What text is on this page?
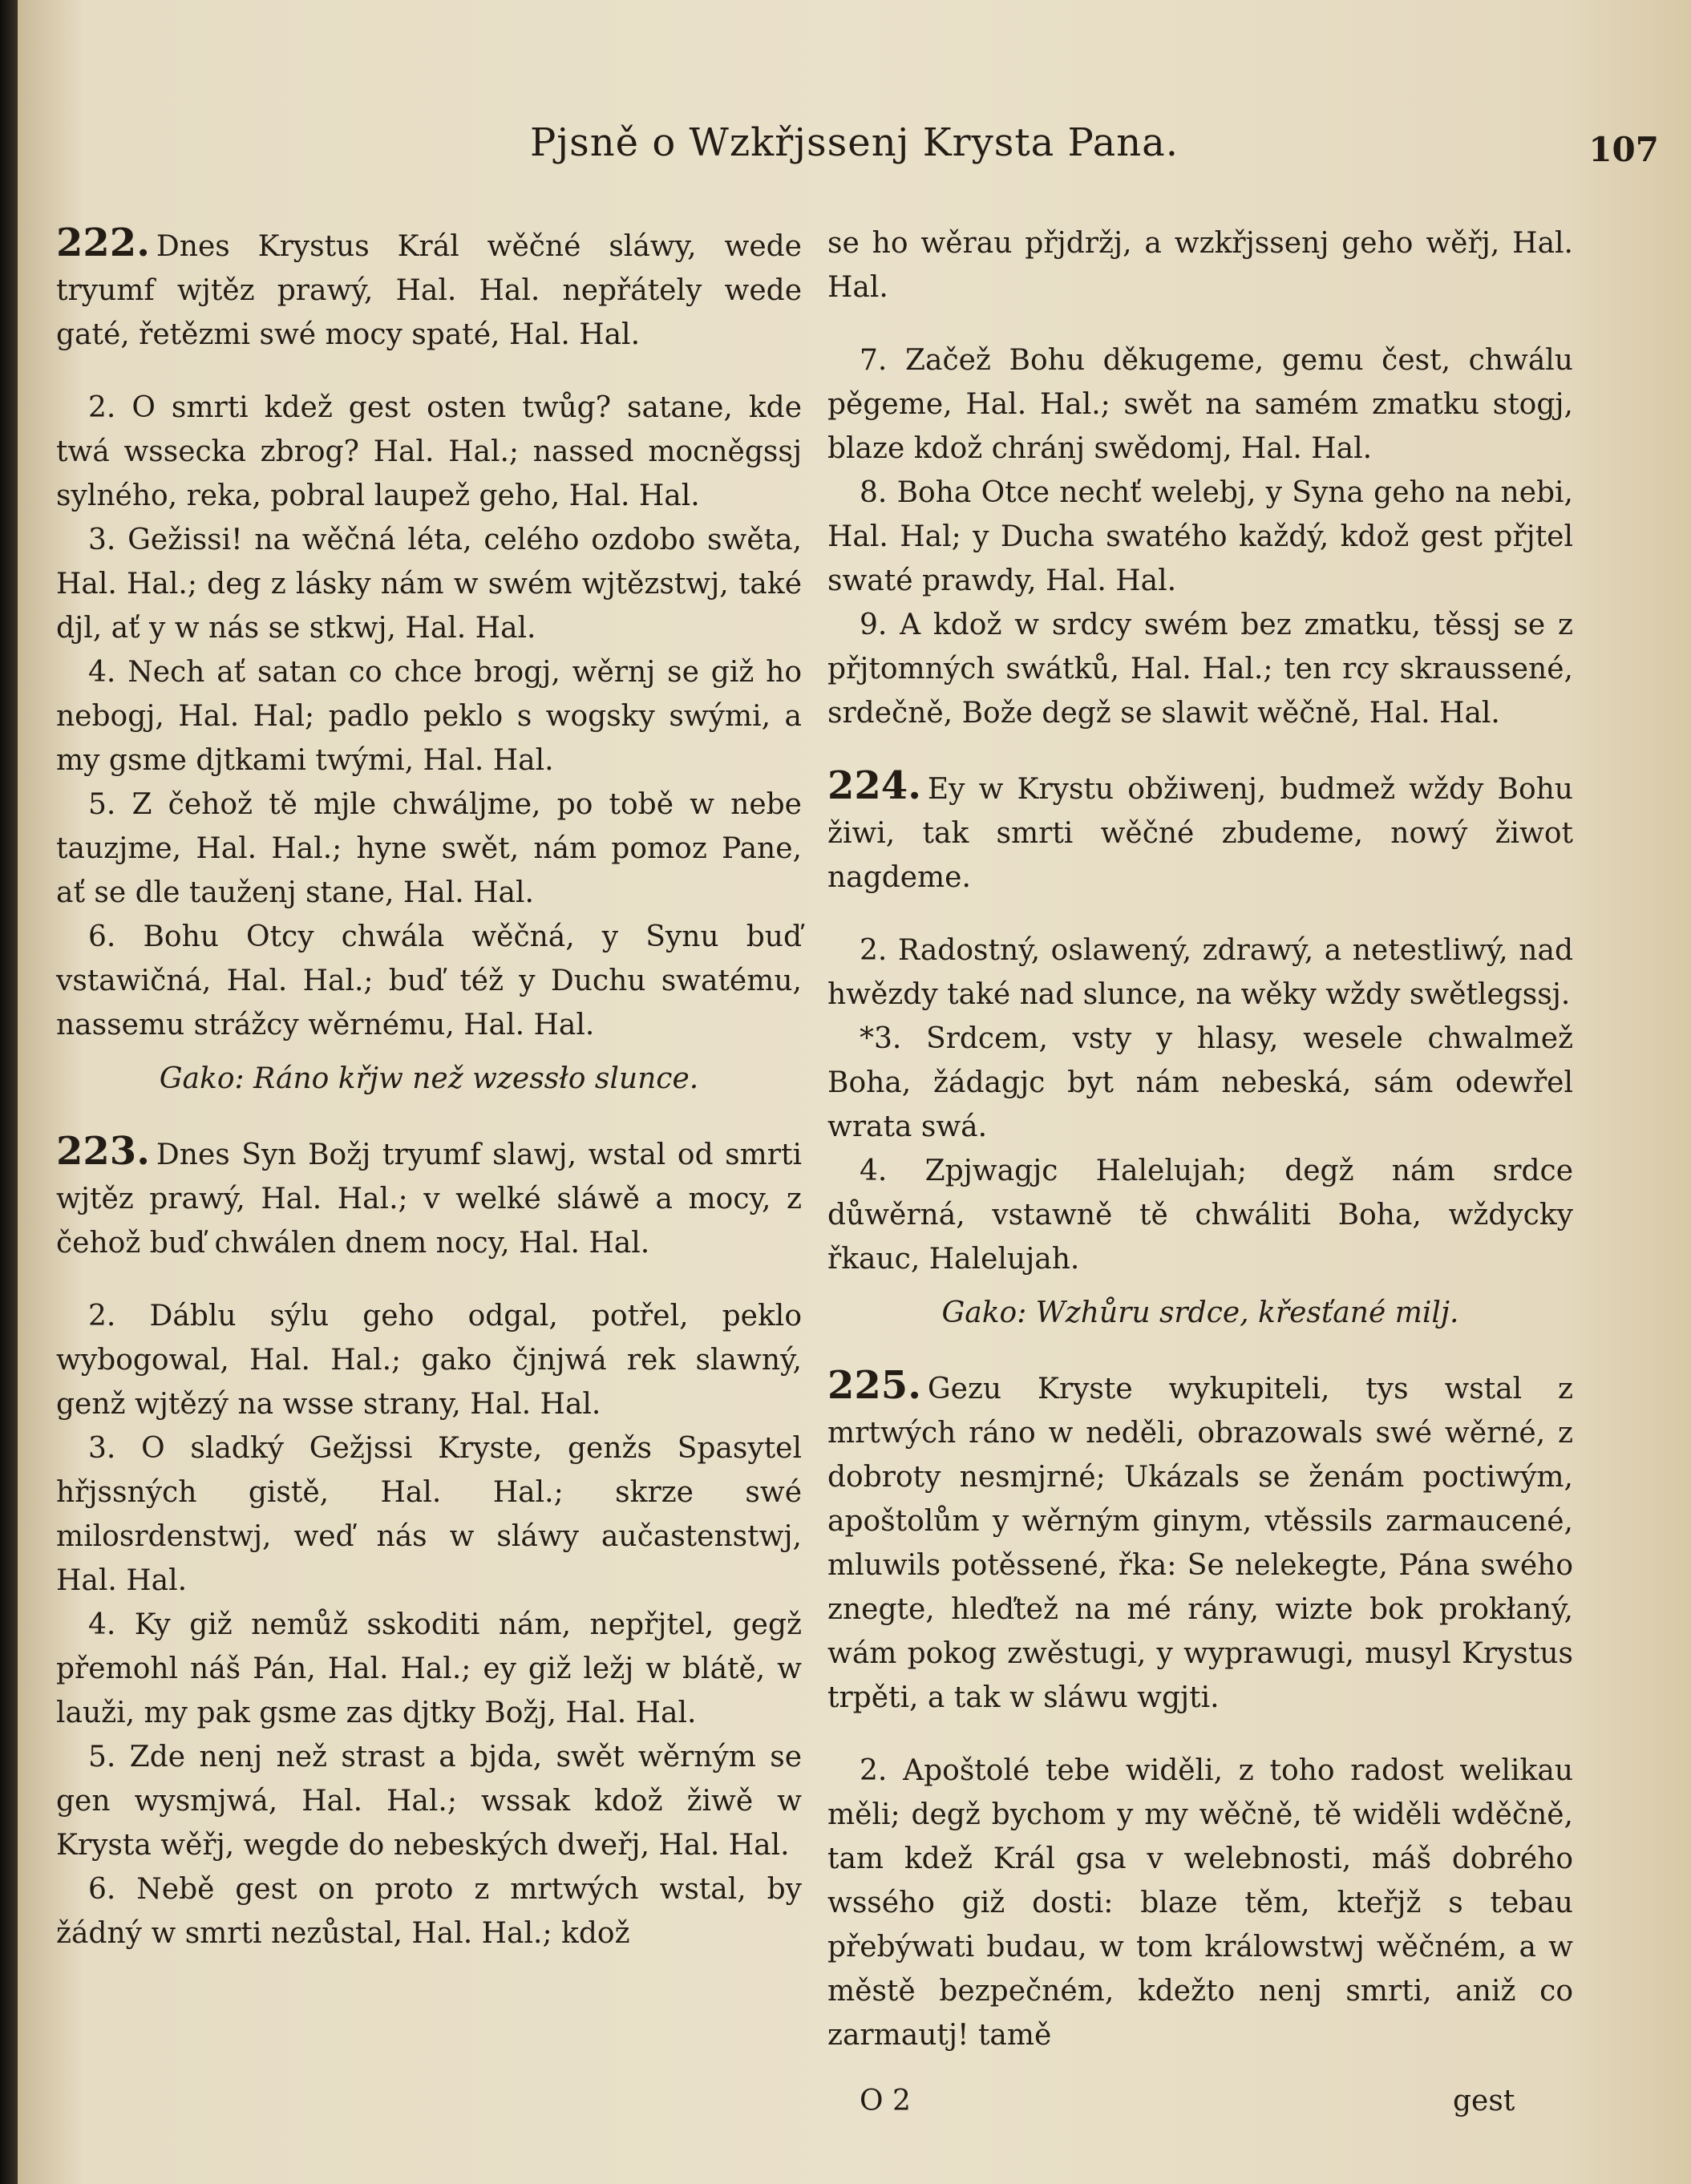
Pjsně o Wzkřjssenj Krysta Pana.	107

222. Dnes Krystus Král wěčné sláwy, wede tryumf wjtěz prawý, Hal. Hal. nepřátely wede gaté, řetězmi swé mocy spaté, Hal. Hal.

2. O smrti kdež gest osten twůg? satane, kde twá wssecka zbrog? Hal. Hal.; nassed mocněgssj sylného, reka, pobral laupež geho, Hal. Hal.

3. Gežissi! na wěčná léta, celého ozdobo swěta, Hal. Hal.; deg z lásky nám w swém wjtězstwj, také djl, ať y w nás se stkwj, Hal. Hal.

4. Nech ať satan co chce brogj, wěrnj se giž ho nebogj, Hal. Hal; padlo peklo s wogsky swými, a my gsme djtkami twými, Hal. Hal.

5. Z čehož tě mjle chwáljme, po tobě w nebe tauzjme, Hal. Hal.; hyne swět, nám pomoz Pane, ať se dle tauženj stane, Hal. Hal.

6. Bohu Otcy chwála wěčná, y Synu buď vstawičná, Hal. Hal.; buď též y Duchu swatému, nassemu strážcy wěrnému, Hal. Hal.

Gako: Ráno křjw než wzessło slunce.

223. Dnes Syn Božj tryumf slawj, wstal od smrti wjtěz prawý, Hal. Hal.; v welké sláwě a mocy, z čehož buď chwálen dnem nocy, Hal. Hal.

2. Dáblu sýlu geho odgal, potřel, peklo wybogowal, Hal. Hal.; gako čjnjwá rek slawný, genž wjtězý na wsse strany, Hal. Hal.

3. O sladký Gežjssi Kryste, genžs Spasytel hřjssných gistě, Hal. Hal.; skrze swé milosrdenstwj, weď nás w sláwy aučastenstwj, Hal. Hal.

4. Ky giž nemůž sskoditi nám, nepřjtel, gegž přemohl náš Pán, Hal. Hal.; ey giž ležj w blátě, w lauži, my pak gsme zas djtky Božj, Hal. Hal.

5. Zde nenj než strast a bjda, swět wěrným se gen wysmjwá, Hal. Hal.; wssak kdož žiwě w Krysta wěřj, wegde do nebeských dweřj, Hal. Hal.

6. Nebě gest on proto z mrtwých wstal, by žádný w smrti nezůstal, Hal. Hal.; kdož

se ho wěrau přjdržj, a wzkřjssenj geho wěřj, Hal. Hal.

7. Začež Bohu děkugeme, gemu čest, chwálu pěgeme, Hal. Hal.; swět na samém zmatku stogj, blaze kdož chránj swědomj, Hal. Hal.

8. Boha Otce nechť welebj, y Syna geho na nebi, Hal. Hal; y Ducha swatého každý, kdož gest přjtel swaté prawdy, Hal. Hal.

9. A kdož w srdcy swém bez zmatku, těssj se z přjtomných swátků, Hal. Hal.; ten rcy skraussené, srdečně, Bože degž se slawit wěčně, Hal. Hal.

224. Ey w Krystu obžiwenj, budmež wždy Bohu žiwi, tak smrti wěčné zbudeme, nowý žiwot nagdeme.

2. Radostný, oslawený, zdrawý, a netestliwý, nad hwězdy také nad slunce, na wěky wždy swětlegssj.

*3. Srdcem, vsty y hlasy, wesele chwalmež Boha, žádagjc byt nám nebeská, sám odewřel wrata swá.

4. Zpjwagjc Halelujah; degž nám srdce důwěrná, vstawně tě chwáliti Boha, wždycky řkauc, Halelujah.

Gako: Wzhůru srdce, křesťané milj.

225. Gezu Kryste wykupiteli, tys wstal z mrtwých ráno w neděli, obrazowals swé wěrné, z dobroty nesmjrné; Ukázals se ženám poctiwým, apoštolům y wěrným ginym, vtěssils zarmaucené, mluwils potěssené, řka: Se nelekegte, Pána swého znegte, hleďtež na mé rány, wizte bok prokłaný, wám pokog zwěstugi, y wyprawugi, musyl Krystus trpěti, a tak w sláwu wgjti.

2. Apoštolé tebe widěli, z toho radost welikau měli; degž bychom y my wěčně, tě widěli wděčně, tam kdež Král gsa v welebnosti, máš dobrého wssého giž dosti: blaze těm, kteřjž s tebau přebýwati budau, w tom králowstwj wěčném, a w městě bezpečném, kdežto nenj smrti, aniž co zarmautj! tamě

O 2	gest
